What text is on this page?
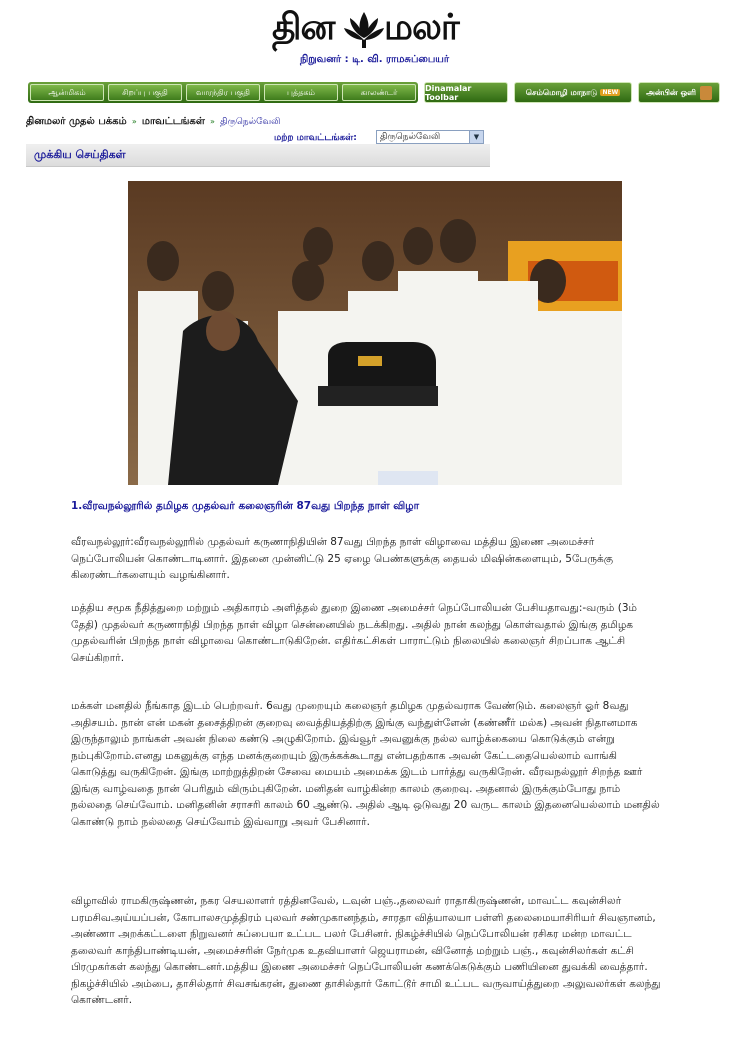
தின மலர்
நிறுவனர் : டி. வி. ராமசுப்பையர்
ஆன்மிகம்	சிறப்பு பகுதி	வாரந்திர பகுதி	புத்தகம்	காலண்டர்	Dinamalar Toolbar
செம்மொழி மாநாடு NEW	அன்பின் ஒளி
தினமலர் முதல் பக்கம் » மாவட்டங்கள் » திருநெல்வேலி
மற்ற மாவட்டங்கள்:	திருநெல்வேலி	▼
முக்கிய செய்திகள்
1.வீரவநல்லூரில் தமிழக முதல்வர் கலைஞரின் 87வது பிறந்த நாள் விழா
வீரவநல்லூர்:வீரவநல்லூரில் முதல்வர் கருணாநிதியின் 87வது பிறந்த நாள் விழாவை மத்திய இணை அமைச்சர் நெப்போலியன் கொண்டாடினார். இதனை முன்னிட்டு 25 ஏழை பெண்களுக்கு தையல் மிஷின்களையும், 5பேருக்கு கிரைண்டர்களையும் வழங்கினார்.
மத்திய சமூக நீதித்துறை மற்றும் அதிகாரம் அளித்தல் துறை இணை அமைச்சர் நெப்போலியன் பேசியதாவது:-வரும் (3ம் தேதி) முதல்வர் கருணாநிதி பிறந்த நாள் விழா சென்னையில் நடக்கிறது. அதில் நான் கலந்து கொள்வதால் இங்கு தமிழக முதல்வரின் பிறந்த நாள் விழாவை கொண்டாடுகிறேன். எதிர்கட்சிகள் பாராட்டும் நிலையில் கலைஞர் சிறப்பாக ஆட்சி செய்கிறார்.
மக்கள் மனதில் நீங்காத இடம் பெற்றவர். 6வது முறையும் கலைஞர் தமிழக முதல்வராக வேண்டும். கலைஞர் ஓர் 8வது அதிசயம். நான் என் மகன் தசைத்திறன் குறைவு வைத்தியத்திற்கு இங்கு வந்துள்ளேன் (கண்ணீர் மல்க) அவன் நிதானமாக இருந்தாலும் நாங்கள் அவன் நிலை கண்டு அழுகிறோம். இவ்வூர் அவனுக்கு நல்ல வாழ்க்கையை கொடுக்கும் என்று நம்புகிறோம்.எனது மகனுக்கு எந்த மனக்குறையும் இருக்கக்கூடாது என்பதற்காக அவன் கேட்டதையெல்லாம் வாங்கி கொடுத்து வருகிறேன். இங்கு மாற்றுத்திறன் சேவை மையம் அமைக்க இடம் பார்த்து வருகிறேன். வீரவநல்லூர் சிறந்த ஊர் இங்கு வாழ்வதை நான் பெரிதும் விரும்புகிறேன். மனிதன் வாழ்கின்ற காலம் குறைவு. அதனால் இருக்கும்போது நாம் நல்லதை செய்வோம். மனிதனின் சராசரி காலம் 60 ஆண்டு. அதில் ஆடி ஒடுவது 20 வருட காலம் இதனையெல்லாம் மனதில் கொண்டு நாம் நல்லதை செய்வோம் இவ்வாறு அவர் பேசினார்.
விழாவில் ராமகிருஷ்ணன், நகர செயலாளர் ரத்தினவேல், டவுன் பஞ்.,தலைவர் ராதாகிருஷ்ணன், மாவட்ட கவுன்சிலர் பரமசிவஅய்யப்பன், கோபாலசமுத்திரம் புலவர் சண்முகானந்தம், சாரதா வித்யாலயா பள்ளி தலைமையாசிரியர் சிவஞானம், அண்ணா அறக்கட்டளை நிறுவனர் சுப்பையா உட்பட பலர் பேசினர். நிகழ்ச்சியில் நெப்போலியன் ரசிகர மன்ற மாவட்ட தலைவர் காந்திபாண்டியன், அமைச்சரின் நேர்முக உதவியாளர் ஜெயராமன், வினோத் மற்றும் பஞ்., கவுன்சிலர்கள் கட்சி பிரமுகர்கள் கலந்து கொண்டனர்.மத்திய இணை அமைச்சர் நெப்போலியன் கணக்கெடுக்கும் பணியினை துவக்கி வைத்தார். நிகழ்ச்சியில் அம்பை, தாசில்தார் சிவசங்கரன், துணை தாசில்தார் கோட்டூர் சாமி உட்பட வருவாய்த்துறை அலுவலர்கள் கலந்து கொண்டனர்.
